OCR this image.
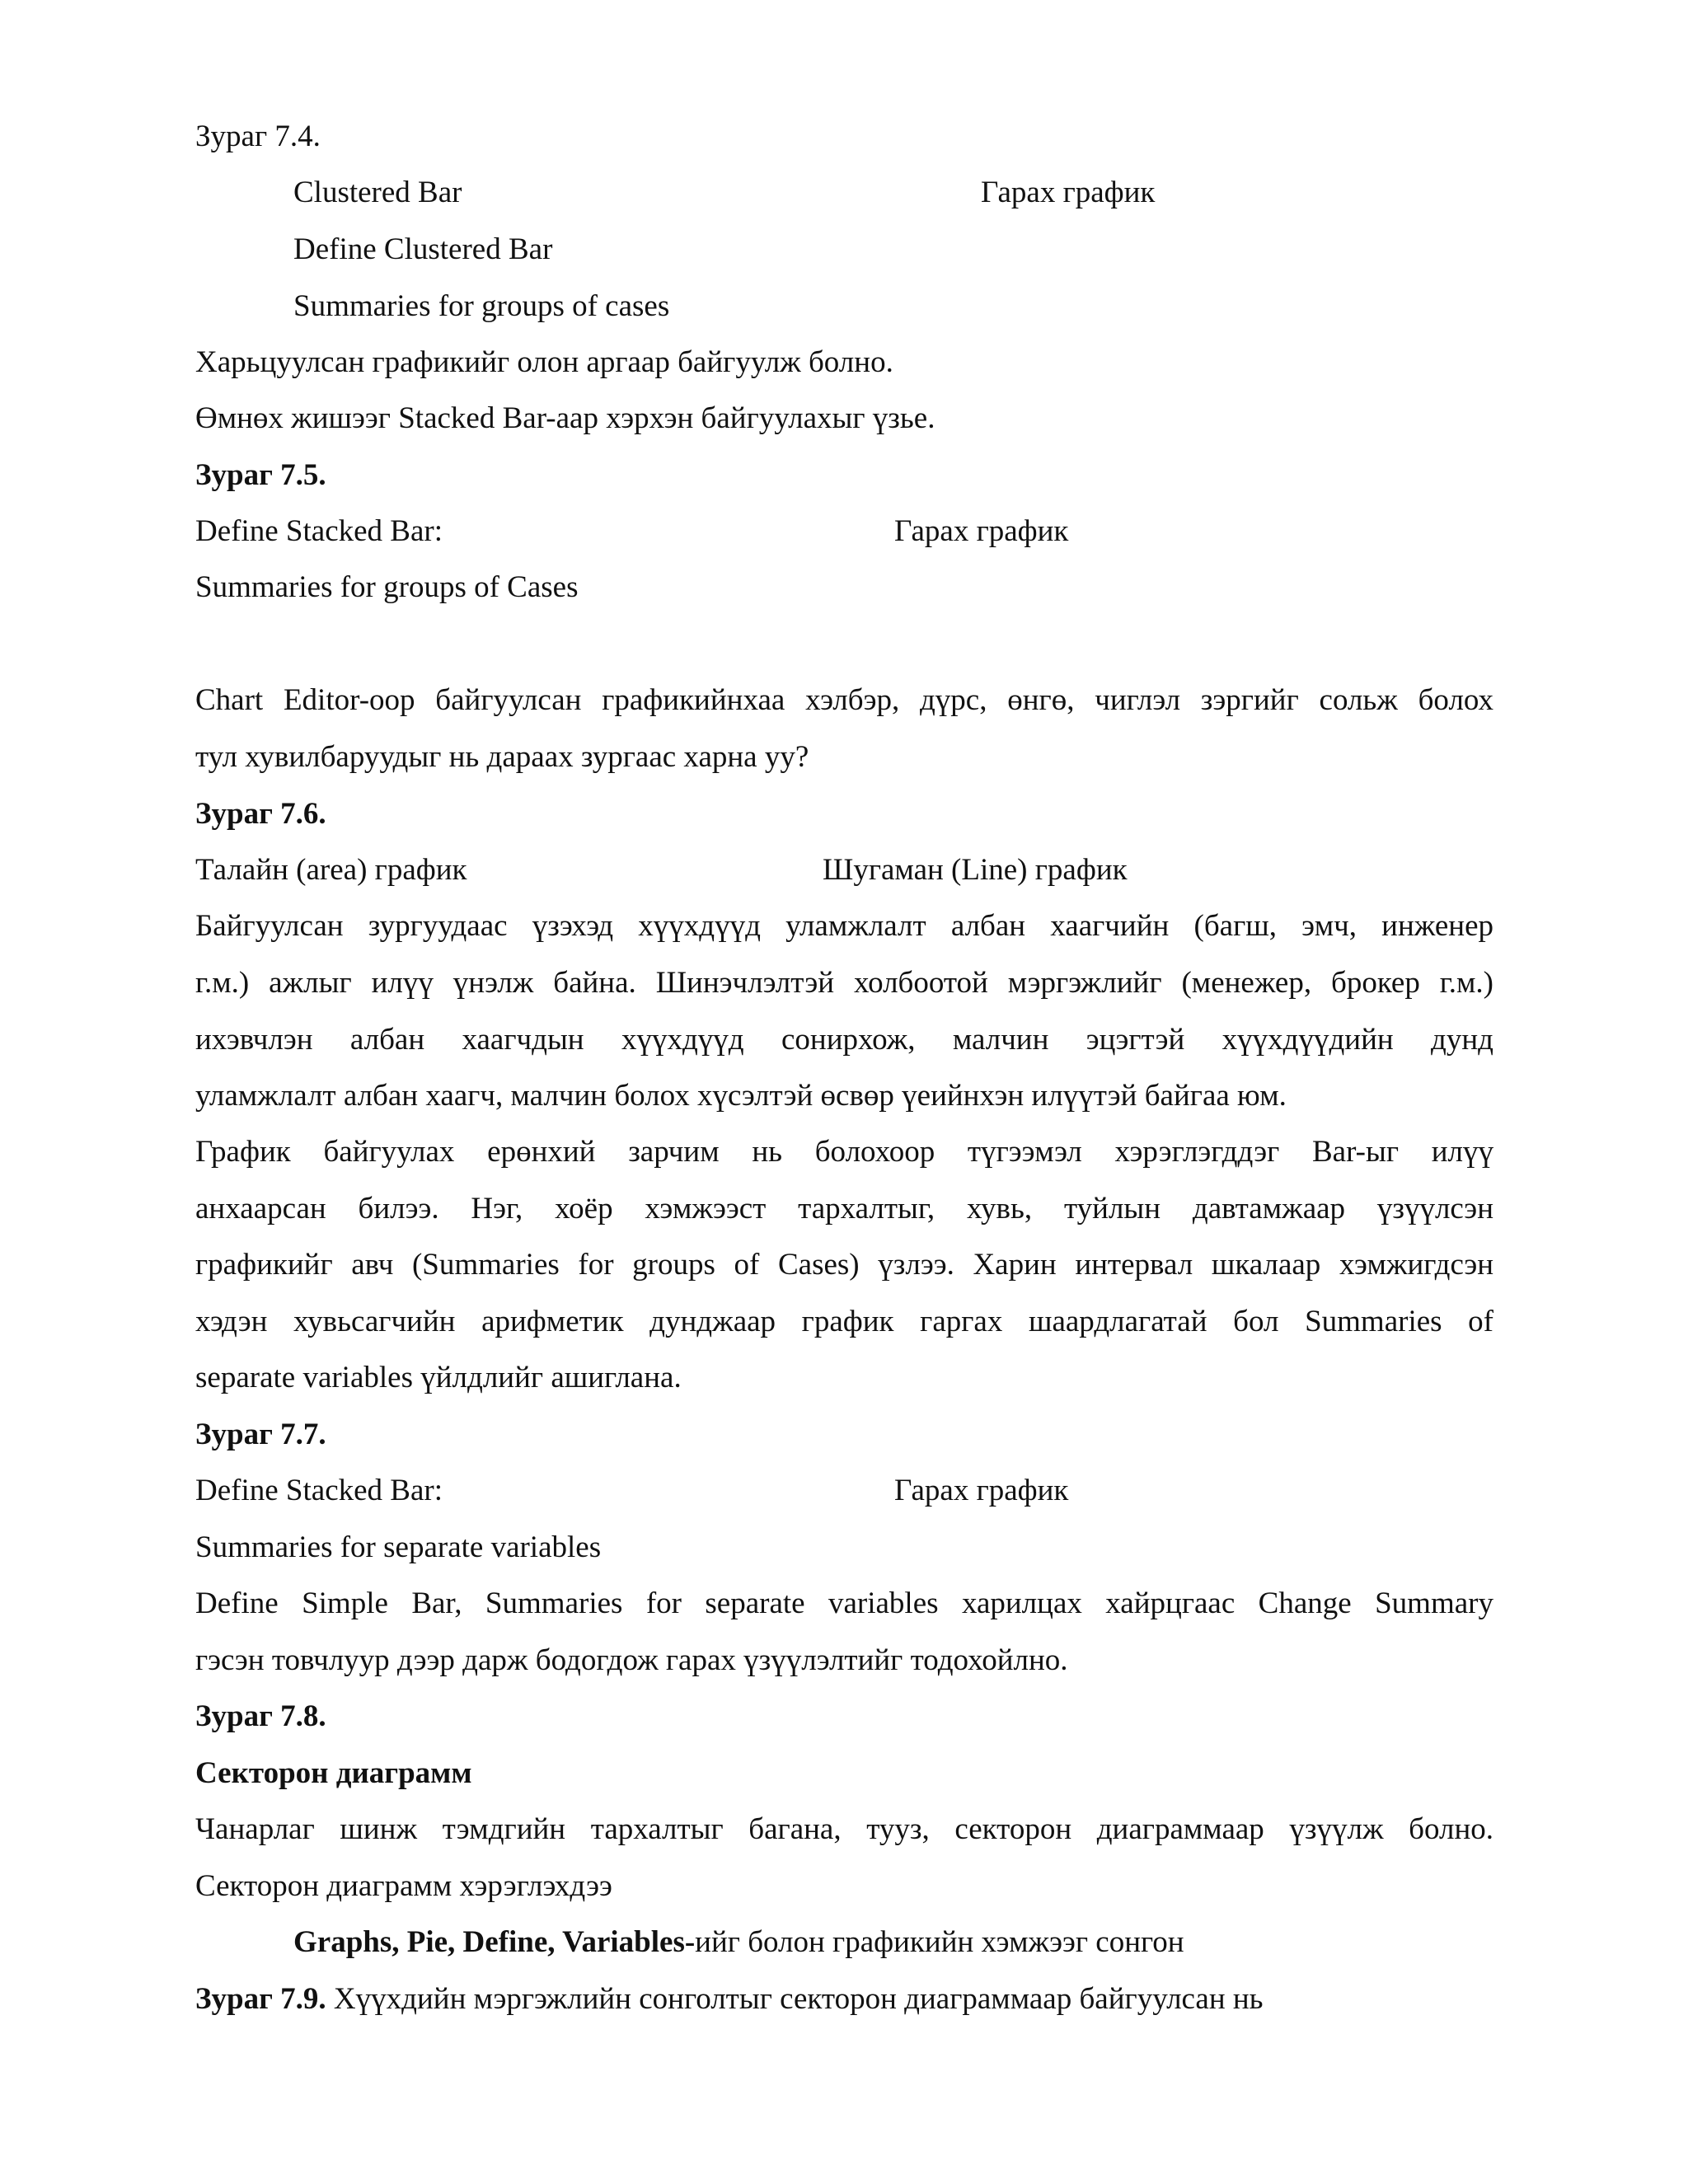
Зураг 7.4.
Clustered Bar	Гарах график
Define Clustered Bar
Summaries for groups of cases
Харьцуулсан графикийг олон аргаар байгуулж болно.
Өмнөх жишээг Stacked Bar-аар хэрхэн байгуулахыг үзье.
Зураг 7.5.
Define Stacked Bar:	Гарах график
Summaries for groups of Cases
Chart Editor-оор байгуулсан графикийнхаа хэлбэр, дүрс, өнгө, чиглэл зэргийг сольж болох
тул хувилбаруудыг нь дараах зургаас харна уу?
Зураг 7.6.
Талайн (area) график	Шугаман (Line) график
Байгуулсан зургуудаас үзэхэд хүүхдүүд уламжлалт албан хаагчийн (багш, эмч, инженер
г.м.) ажлыг илүү үнэлж байна. Шинэчлэлтэй холбоотой мэргэжлийг (менежер, брокер г.м.)
ихэвчлэн албан хаагчдын хүүхдүүд сонирхож, малчин эцэгтэй хүүхдүүдийн дунд
уламжлалт албан хаагч, малчин болох хүсэлтэй өсвөр үеийнхэн илүүтэй байгаа юм.
График байгуулах ерөнхий зарчим нь болохоор түгээмэл хэрэглэгддэг Bar-ыг илүү
анхаарсан билээ. Нэг, хоёр хэмжээст тархалтыг, хувь, туйлын давтамжаар үзүүлсэн
графикийг авч (Summaries for groups of Cases) үзлээ. Харин интервал шкалаар хэмжигдсэн
хэдэн хувьсагчийн арифметик дунджаар график гаргах шаардлагатай бол Summaries of
separate variables үйлдлийг ашиглана.
Зураг 7.7.
Define Stacked Bar:	Гарах график
Summaries for separate variables
Define Simple Bar, Summaries for separate variables харилцах хайрцгаас Change Summary
гэсэн товчлуур дээр дарж бодогдож гарах үзүүлэлтийг тодохойлно.
Зураг 7.8.
Секторон диаграмм
Чанарлаг шинж тэмдгийн тархалтыг багана, тууз, секторон диаграммаар үзүүлж болно.
Секторон диаграмм хэрэглэхдээ
Graphs, Pie, Define, Variables-ийг болон графикийн хэмжээг сонгон
Зураг 7.9. Хүүхдийн мэргэжлийн сонголтыг секторон диаграммаар байгуулсан нь
